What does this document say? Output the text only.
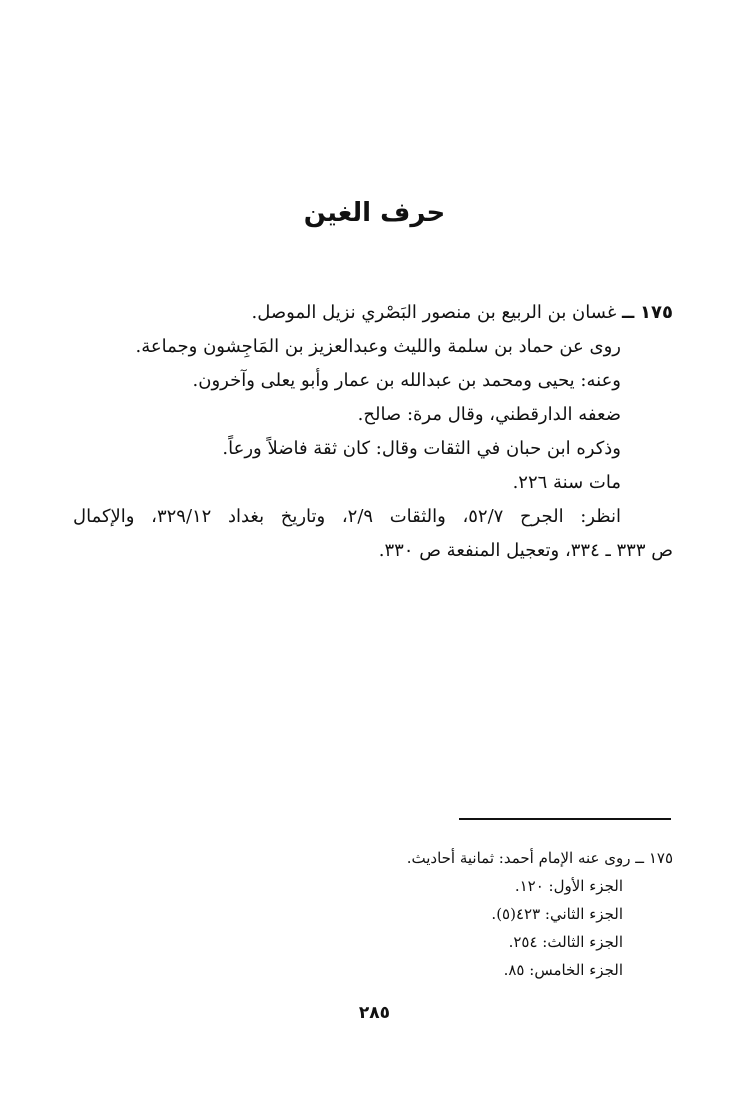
حرف الغين
١٧٥ ــ غسان بن الربيع بن منصور البَصْري نزيل الموصل.
روى عن حماد بن سلمة والليث وعبدالعزيز بن المَاجِشون وجماعة.
وعنه: يحيى ومحمد بن عبدالله بن عمار وأبو يعلى وآخرون.
ضعفه الدارقطني، وقال مرة: صالح.
وذكره ابن حبان في الثقات وقال: كان ثقة فاضلاً ورعاً.
مات سنة ٢٢٦.
انظر: الجرح ٥٢/٧، والثقات ٢/٩، وتاريخ بغداد ٣٢٩/١٢، والإكمال
ص ٣٣٣ ـ ٣٣٤، وتعجيل المنفعة ص ٣٣٠.
١٧٥ ــ روى عنه الإمام أحمد: ثمانية أحاديث.
الجزء الأول: ١٢٠.
الجزء الثاني: ٤٢٣(٥).
الجزء الثالث: ٢٥٤.
الجزء الخامس: ٨٥.
٢٨٥
